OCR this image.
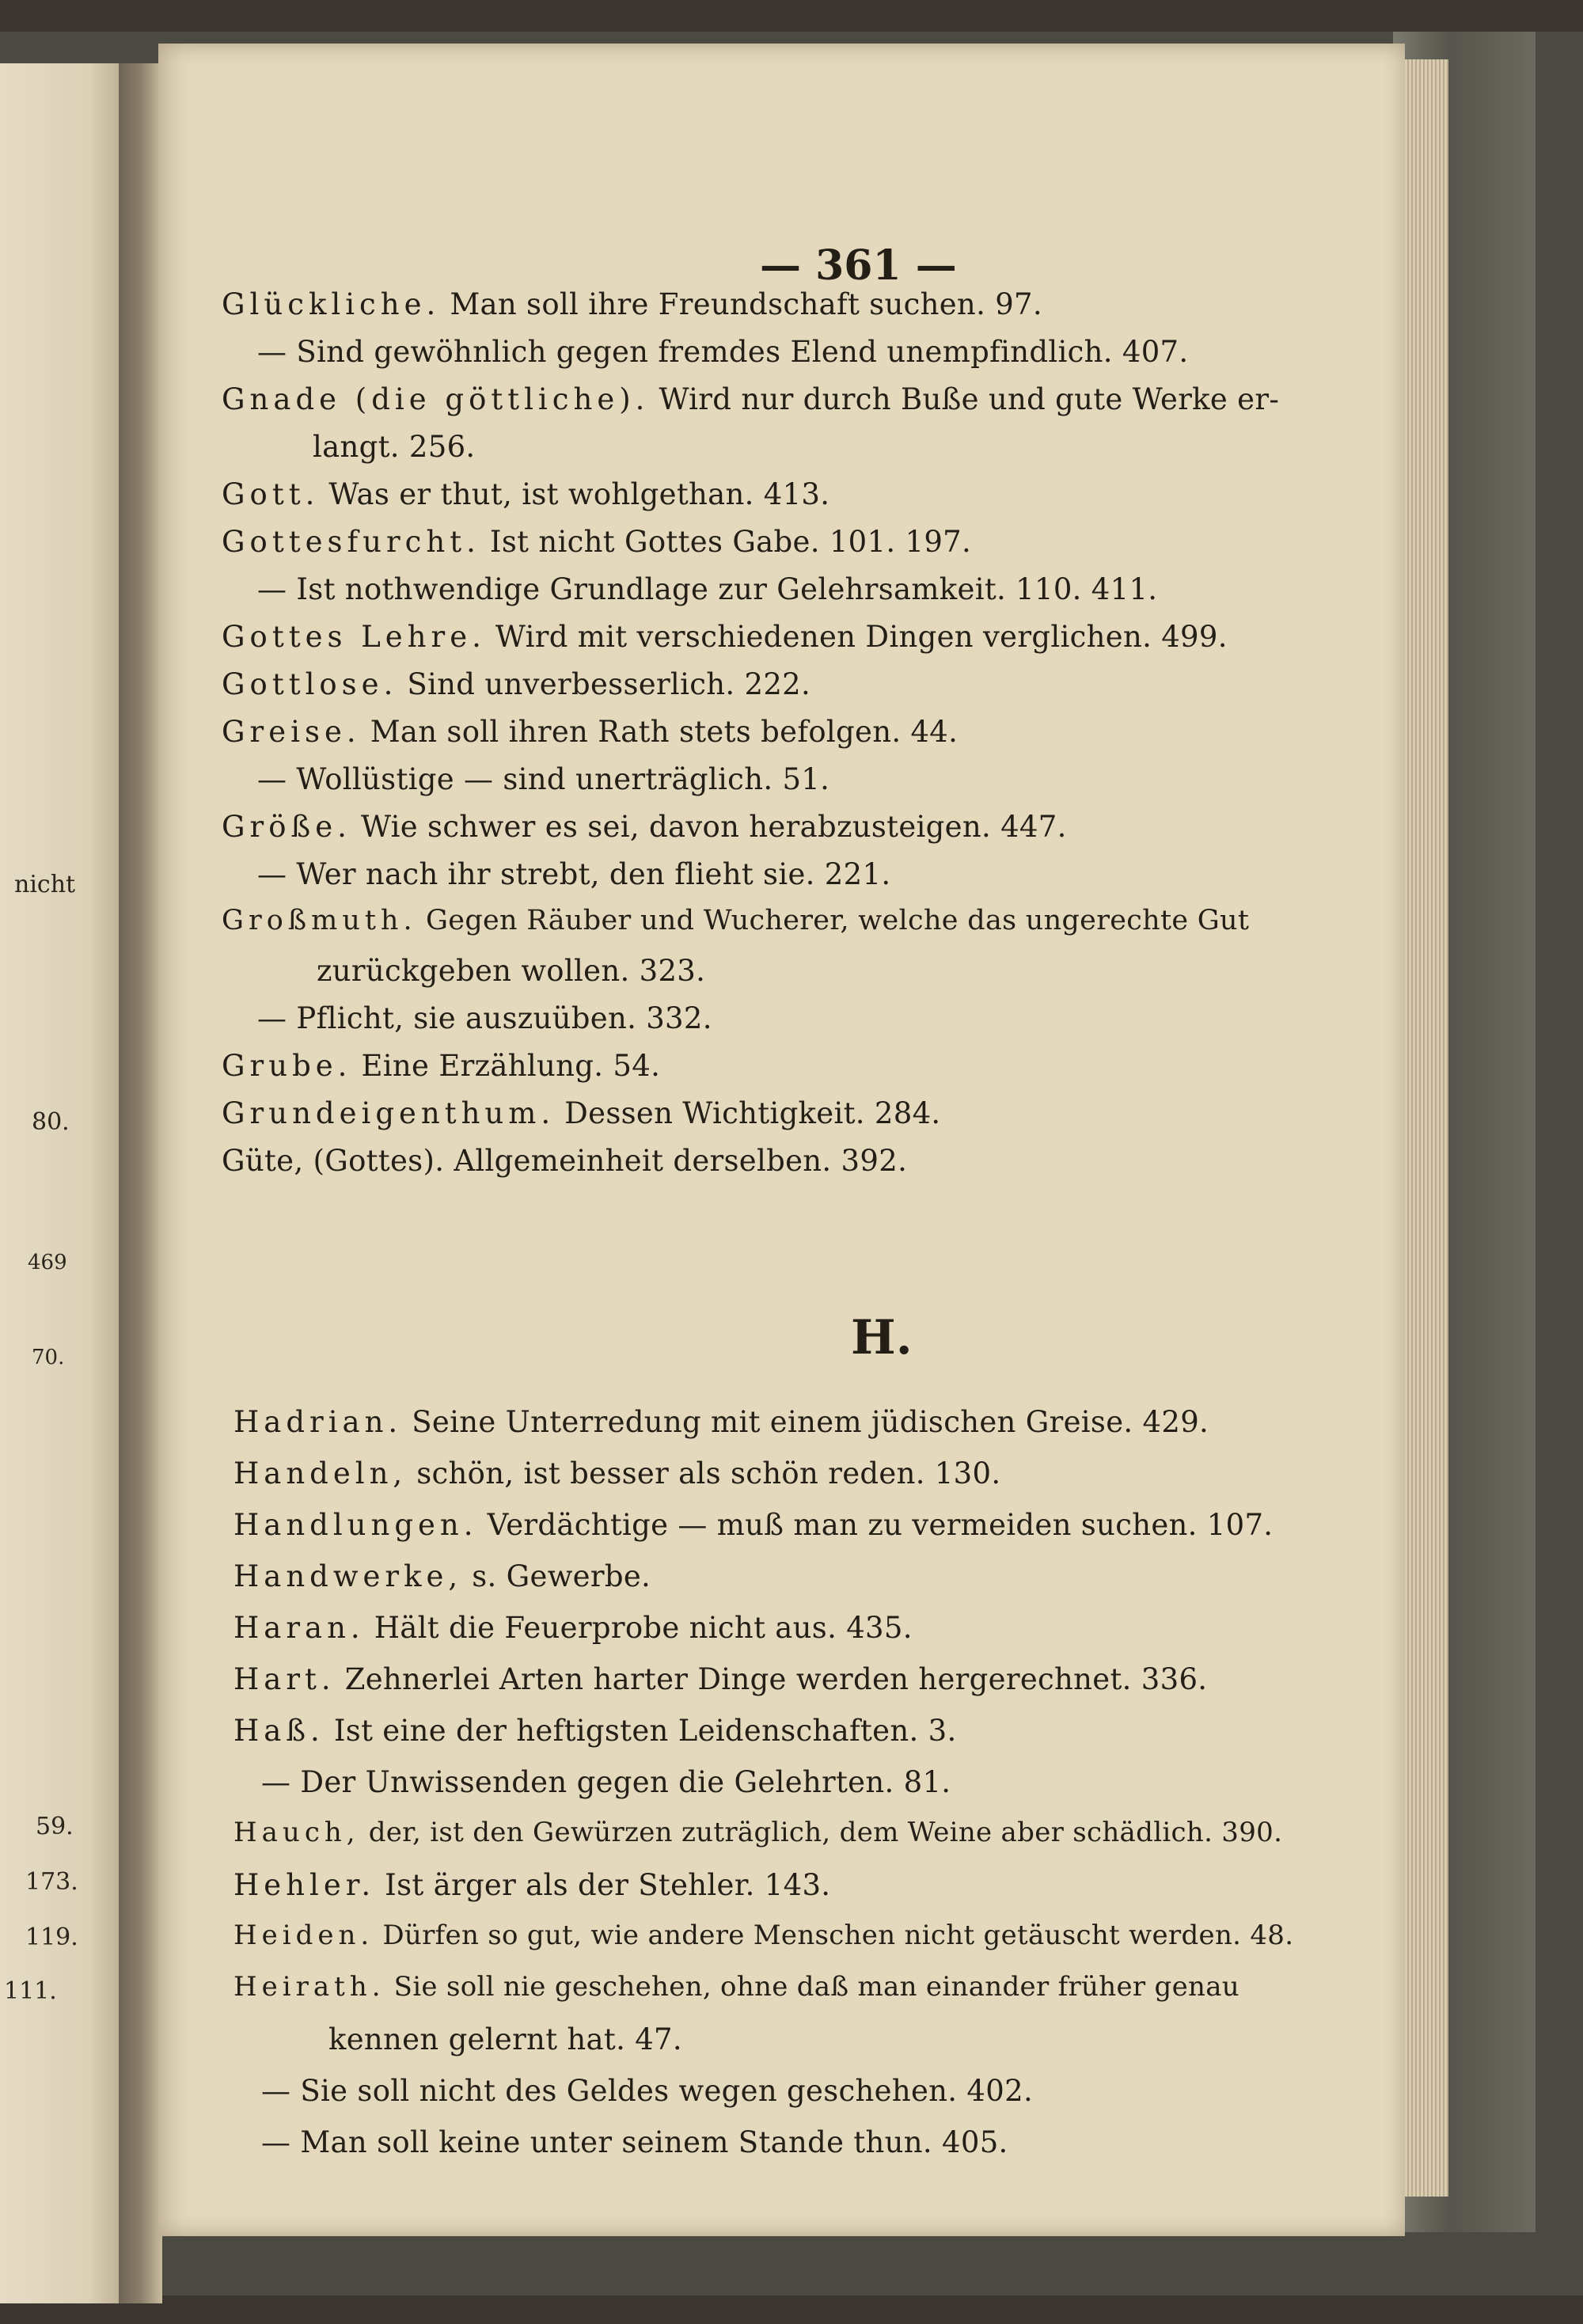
nicht
80.
469
70.
59.
173.
119.
111.
— 361 —
Glückliche. Man soll ihre Freundschaft suchen. 97.
— Sind gewöhnlich gegen fremdes Elend unempfindlich. 407.
Gnade (die göttliche). Wird nur durch Buße und gute Werke er-
langt. 256.
Gott. Was er thut, ist wohlgethan. 413.
Gottesfurcht. Ist nicht Gottes Gabe. 101. 197.
— Ist nothwendige Grundlage zur Gelehrsamkeit. 110. 411.
Gottes Lehre. Wird mit verschiedenen Dingen verglichen. 499.
Gottlose. Sind unverbesserlich. 222.
Greise. Man soll ihren Rath stets befolgen. 44.
— Wollüstige — sind unerträglich. 51.
Größe. Wie schwer es sei, davon herabzusteigen. 447.
— Wer nach ihr strebt, den flieht sie. 221.
Großmuth. Gegen Räuber und Wucherer, welche das ungerechte Gut
zurückgeben wollen. 323.
— Pflicht, sie auszuüben. 332.
Grube. Eine Erzählung. 54.
Grundeigenthum. Dessen Wichtigkeit. 284.
Güte, (Gottes). Allgemeinheit derselben. 392.
H.
Hadrian. Seine Unterredung mit einem jüdischen Greise. 429.
Handeln, schön, ist besser als schön reden. 130.
Handlungen. Verdächtige — muß man zu vermeiden suchen. 107.
Handwerke, s. Gewerbe.
Haran. Hält die Feuerprobe nicht aus. 435.
Hart. Zehnerlei Arten harter Dinge werden hergerechnet. 336.
Haß. Ist eine der heftigsten Leidenschaften. 3.
— Der Unwissenden gegen die Gelehrten. 81.
Hauch, der, ist den Gewürzen zuträglich, dem Weine aber schädlich. 390.
Hehler. Ist ärger als der Stehler. 143.
Heiden. Dürfen so gut, wie andere Menschen nicht getäuscht werden. 48.
Heirath. Sie soll nie geschehen, ohne daß man einander früher genau
kennen gelernt hat. 47.
— Sie soll nicht des Geldes wegen geschehen. 402.
— Man soll keine unter seinem Stande thun. 405.
